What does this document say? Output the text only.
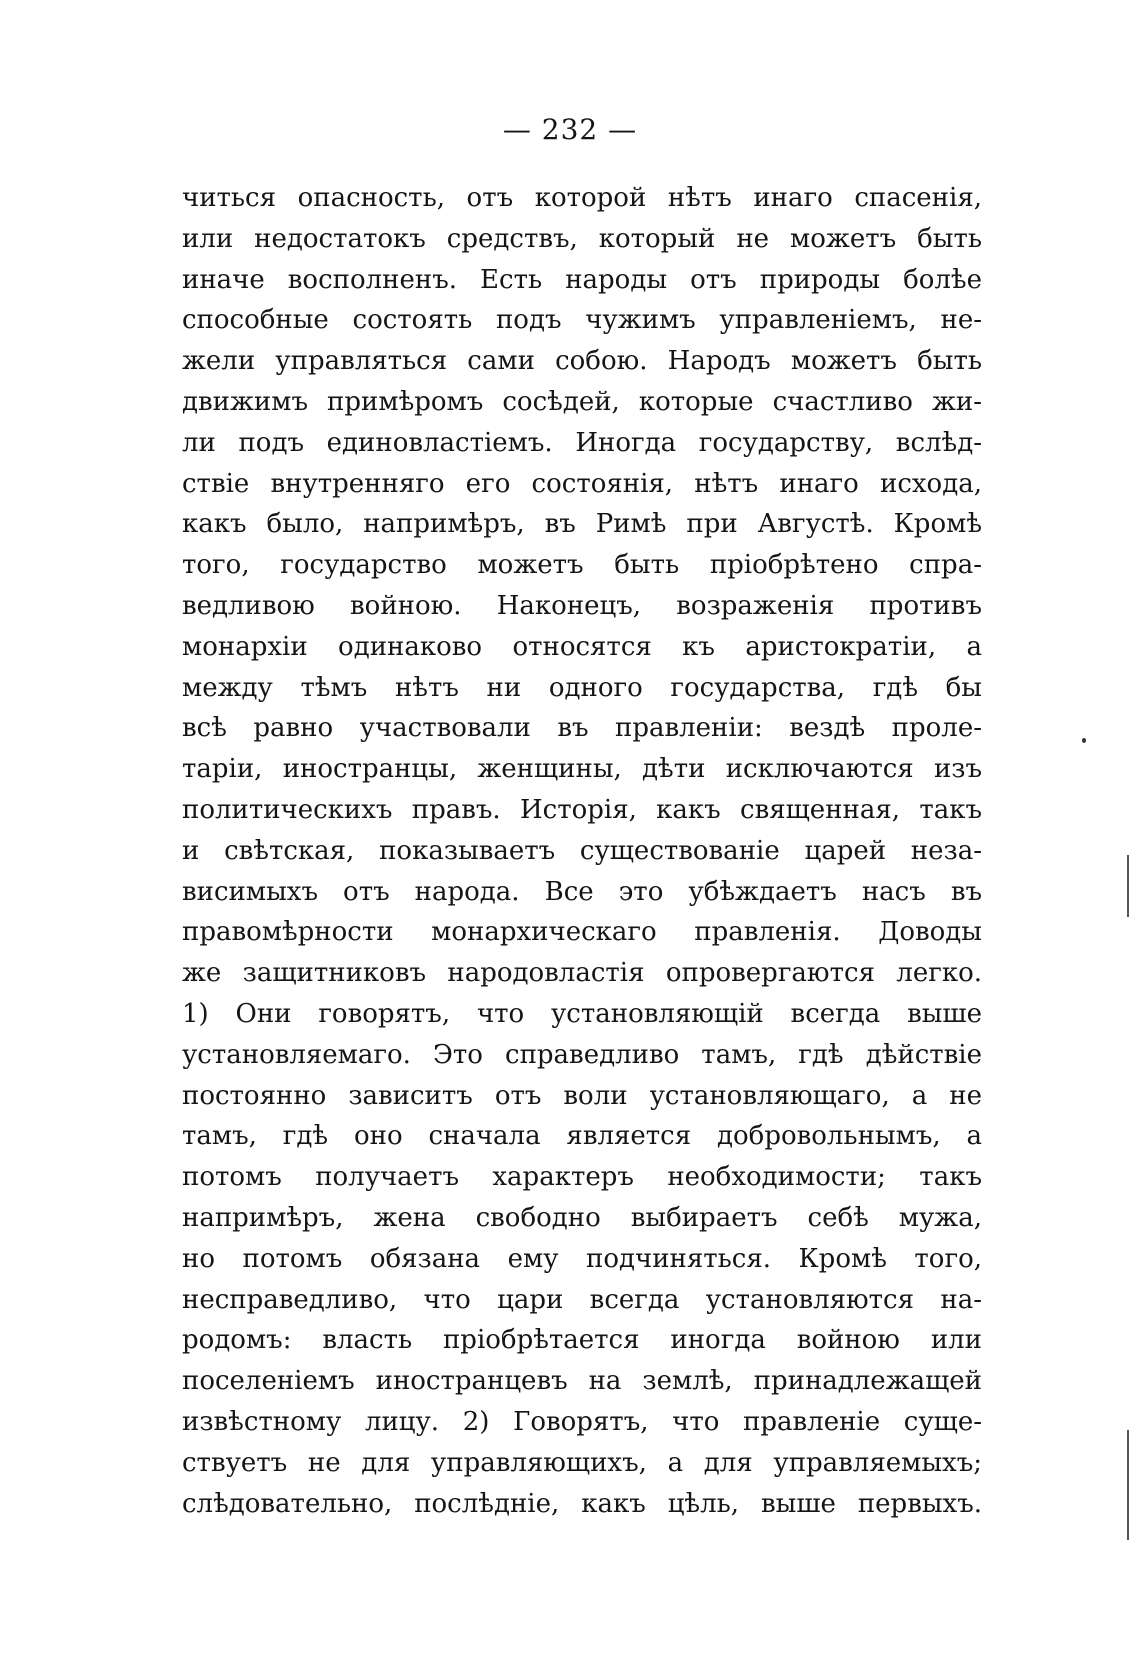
— 232 —
читься опасность, отъ которой нѣтъ инаго спасенія,
или недостатокъ средствъ, который не можетъ быть
иначе восполненъ. Есть народы отъ природы болѣе
способные состоять подъ чужимъ управленіемъ, не-
жели управляться сами собою. Народъ можетъ быть
движимъ примѣромъ сосѣдей, которые счастливо жи-
ли подъ единовластіемъ. Иногда государству, вслѣд-
ствіе внутренняго его состоянія, нѣтъ инаго исхода,
какъ было, напримѣръ, въ Римѣ при Августѣ. Кромѣ
того, государство можетъ быть пріобрѣтено спра-
ведливою войною. Наконецъ, возраженія противъ
монархіи одинаково относятся къ аристократіи, а
между тѣмъ нѣтъ ни одного государства, гдѣ бы
всѣ равно участвовали въ правленіи: вездѣ проле-
таріи, иностранцы, женщины, дѣти исключаются изъ
политическихъ правъ. Исторія, какъ священная, такъ
и свѣтская, показываетъ существованіе царей неза-
висимыхъ отъ народа. Все это убѣждаетъ насъ въ
правомѣрности монархическаго правленія. Доводы
же защитниковъ народовластія опровергаются легко.
1) Они говорятъ, что установляющій всегда выше
установляемаго. Это справедливо тамъ, гдѣ дѣйствіе
постоянно зависитъ отъ воли установляющаго, а не
тамъ, гдѣ оно сначала является добровольнымъ, а
потомъ получаетъ характеръ необходимости; такъ
напримѣръ, жена свободно выбираетъ себѣ мужа,
но потомъ обязана ему подчиняться. Кромѣ того,
несправедливо, что цари всегда установляются на-
родомъ: власть пріобрѣтается иногда войною или
поселеніемъ иностранцевъ на землѣ, принадлежащей
извѣстному лицу. 2) Говорятъ, что правленіе суще-
ствуетъ не для управляющихъ, а для управляемыхъ;
слѣдовательно, послѣдніе, какъ цѣль, выше первыхъ.
